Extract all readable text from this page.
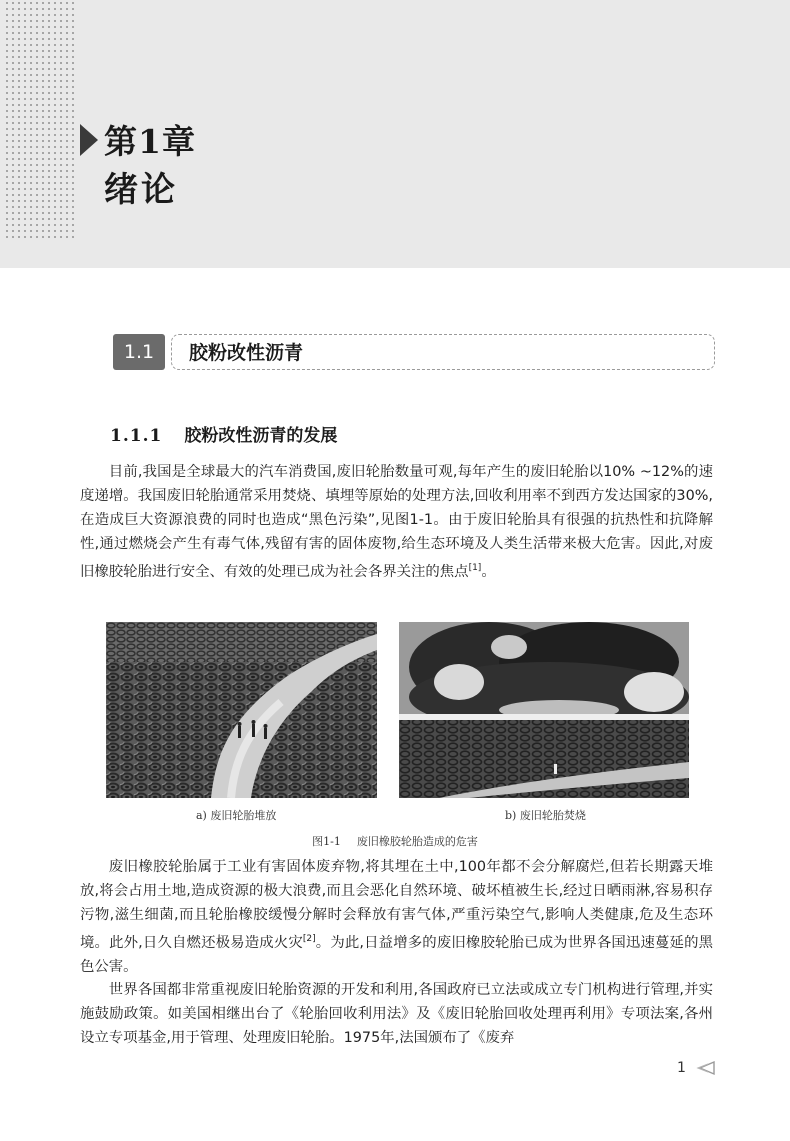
第1章
绪论
1.1	胶粉改性沥青
1.1.1 胶粉改性沥青的发展

目前,我国是全球最大的汽车消费国,废旧轮胎数量可观,每年产生的废旧轮胎以10% ~12%的速度递增。我国废旧轮胎通常采用焚烧、填埋等原始的处理方法,回收利用率不到西方发达国家的30%,在造成巨大资源浪费的同时也造成“黑色污染”,见图1-1。由于废旧轮胎具有很强的抗热性和抗降解性,通过燃烧会产生有毒气体,残留有害的固体废物,给生态环境及人类生活带来极大危害。因此,对废旧橡胶轮胎进行安全、有效的处理已成为社会各界关注的焦点[1]。

a) 废旧轮胎堆放	b) 废旧轮胎焚烧
图1-1 废旧橡胶轮胎造成的危害

废旧橡胶轮胎属于工业有害固体废弃物,将其埋在土中,100年都不会分解腐烂,但若长期露天堆放,将会占用土地,造成资源的极大浪费,而且会恶化自然环境、破坏植被生长,经过日晒雨淋,容易积存污物,滋生细菌,而且轮胎橡胶缓慢分解时会释放有害气体,严重污染空气,影响人类健康,危及生态环境。此外,日久自燃还极易造成火灾[2]。为此,日益增多的废旧橡胶轮胎已成为世界各国迅速蔓延的黑色公害。

世界各国都非常重视废旧轮胎资源的开发和利用,各国政府已立法或成立专门机构进行管理,并实施鼓励政策。如美国相继出台了《轮胎回收利用法》及《废旧轮胎回收处理再利用》专项法案,各州设立专项基金,用于管理、处理废旧轮胎。1975年,法国颁布了《废弃

1
